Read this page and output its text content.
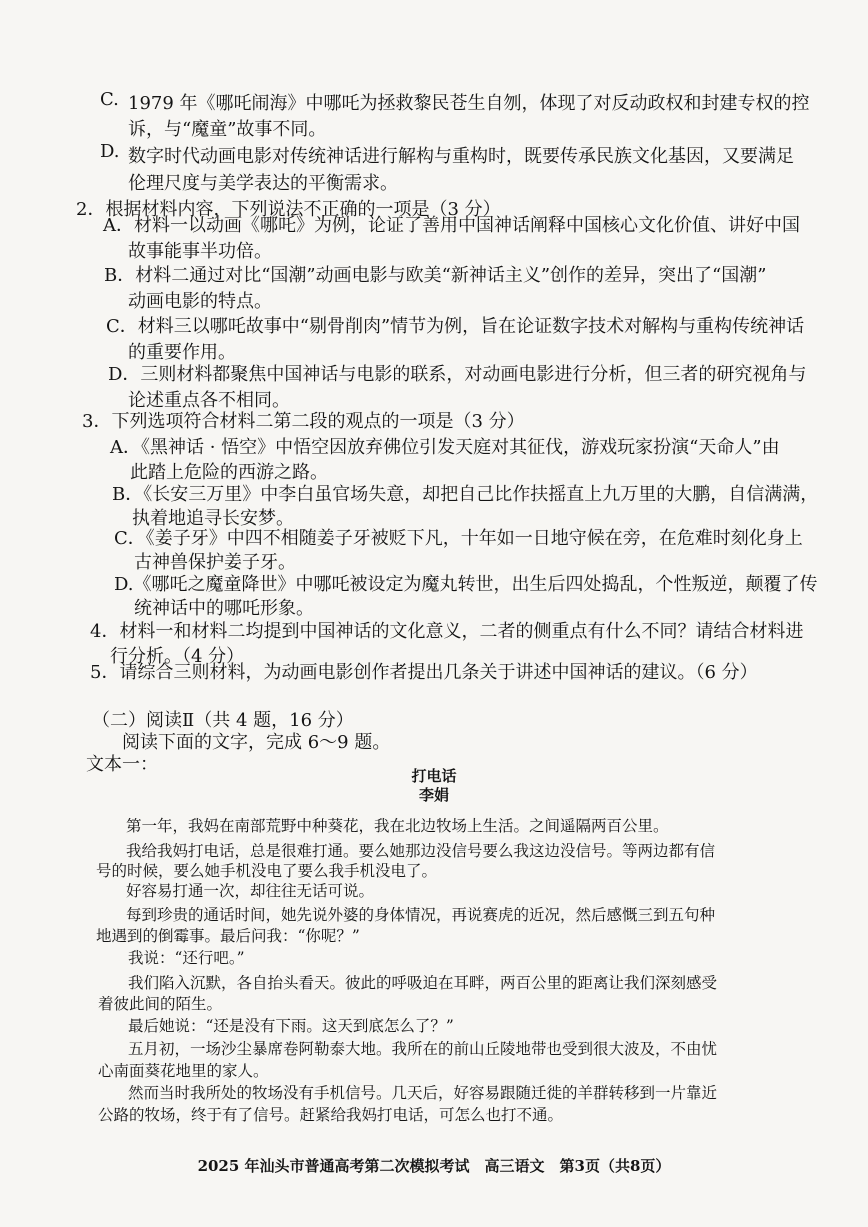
C. 1979 年《哪吒闹海》中哪吒为拯救黎民苍生自刎，体现了对反动政权和封建专权的控
诉，与“魔童”故事不同。
D. 数字时代动画电影对传统神话进行解构与重构时，既要传承民族文化基因，又要满足
伦理尺度与美学表达的平衡需求。
2．根据材料内容，下列说法不正确的一项是（3 分）
A．材料一以动画《哪吒》为例，论证了善用中国神话阐释中国核心文化价值、讲好中国
故事能事半功倍。
B．材料二通过对比“国潮”动画电影与欧美“新神话主义”创作的差异，突出了“国潮”
动画电影的特点。
C．材料三以哪吒故事中“剔骨削肉”情节为例，旨在论证数字技术对解构与重构传统神话
的重要作用。
D．三则材料都聚焦中国神话与电影的联系，对动画电影进行分析，但三者的研究视角与
论述重点各不相同。
3．下列选项符合材料二第二段的观点的一项是（3 分）
A．《黑神话 · 悟空》中悟空因放弃佛位引发天庭对其征伐，游戏玩家扮演“天命人”由
此踏上危险的西游之路。
B．《长安三万里》中李白虽官场失意，却把自己比作扶摇直上九万里的大鹏，自信满满，
执着地追寻长安梦。
C．《姜子牙》中四不相随姜子牙被贬下凡，十年如一日地守候在旁，在危难时刻化身上
古神兽保护姜子牙。
D.《哪吒之魔童降世》中哪吒被设定为魔丸转世，出生后四处捣乱，个性叛逆，颠覆了传
统神话中的哪吒形象。
4．材料一和材料二均提到中国神话的文化意义，二者的侧重点有什么不同？请结合材料进
行分析。（4 分）
5．请综合三则材料，为动画电影创作者提出几条关于讲述中国神话的建议。（6 分）
（二）阅读Ⅱ（共 4 题，16 分）
阅读下面的文字，完成 6～9 题。
文本一：
打电话
李娟
第一年，我妈在南部荒野中种葵花，我在北边牧场上生活。之间遥隔两百公里。
我给我妈打电话，总是很难打通。要么她那边没信号要么我这边没信号。等两边都有信
号的时候，要么她手机没电了要么我手机没电了。
好容易打通一次，却往往无话可说。
每到珍贵的通话时间，她先说外婆的身体情况，再说赛虎的近况，然后感慨三到五句种
地遇到的倒霉事。最后问我：“你呢？”
我说：“还行吧。”
我们陷入沉默，各自抬头看天。彼此的呼吸迫在耳畔，两百公里的距离让我们深刻感受
着彼此间的陌生。
最后她说：“还是没有下雨。这天到底怎么了？”
五月初，一场沙尘暴席卷阿勒泰大地。我所在的前山丘陵地带也受到很大波及，不由忧
心南面葵花地里的家人。
然而当时我所处的牧场没有手机信号。几天后，好容易跟随迁徙的羊群转移到一片靠近
公路的牧场，终于有了信号。赶紧给我妈打电话，可怎么也打不通。
2025 年汕头市普通高考第二次模拟考试　高三语文　第3页（共8页）
